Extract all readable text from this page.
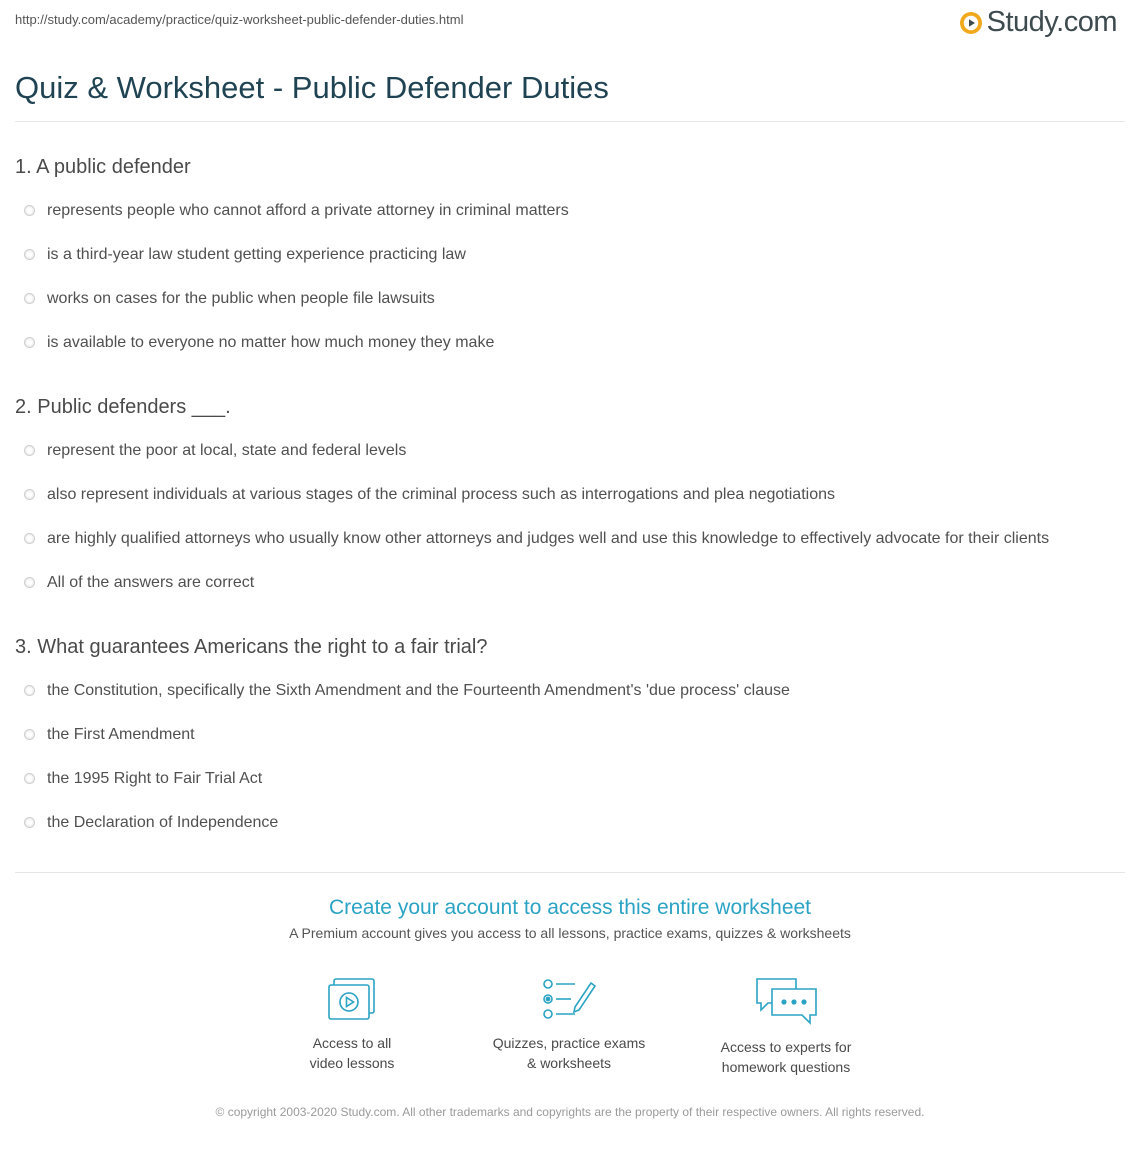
http://study.com/academy/practice/quiz-worksheet-public-defender-duties.html	Study.com
Quiz & Worksheet - Public Defender Duties
1. A public defender
represents people who cannot afford a private attorney in criminal matters
is a third-year law student getting experience practicing law
works on cases for the public when people file lawsuits
is available to everyone no matter how much money they make
2. Public defenders ___.
represent the poor at local, state and federal levels
also represent individuals at various stages of the criminal process such as interrogations and plea negotiations
are highly qualified attorneys who usually know other attorneys and judges well and use this knowledge to effectively advocate for their clients
All of the answers are correct
3. What guarantees Americans the right to a fair trial?
the Constitution, specifically the Sixth Amendment and the Fourteenth Amendment's 'due process' clause
the First Amendment
the 1995 Right to Fair Trial Act
the Declaration of Independence

Create your account to access this entire worksheet

A Premium account gives you access to all lessons, practice exams, quizzes & worksheets

Access to all
video lessons
Quizzes, practice exams
& worksheets
Access to experts for
homework questions
© copyright 2003-2020 Study.com. All other trademarks and copyrights are the property of their respective owners. All rights reserved.
